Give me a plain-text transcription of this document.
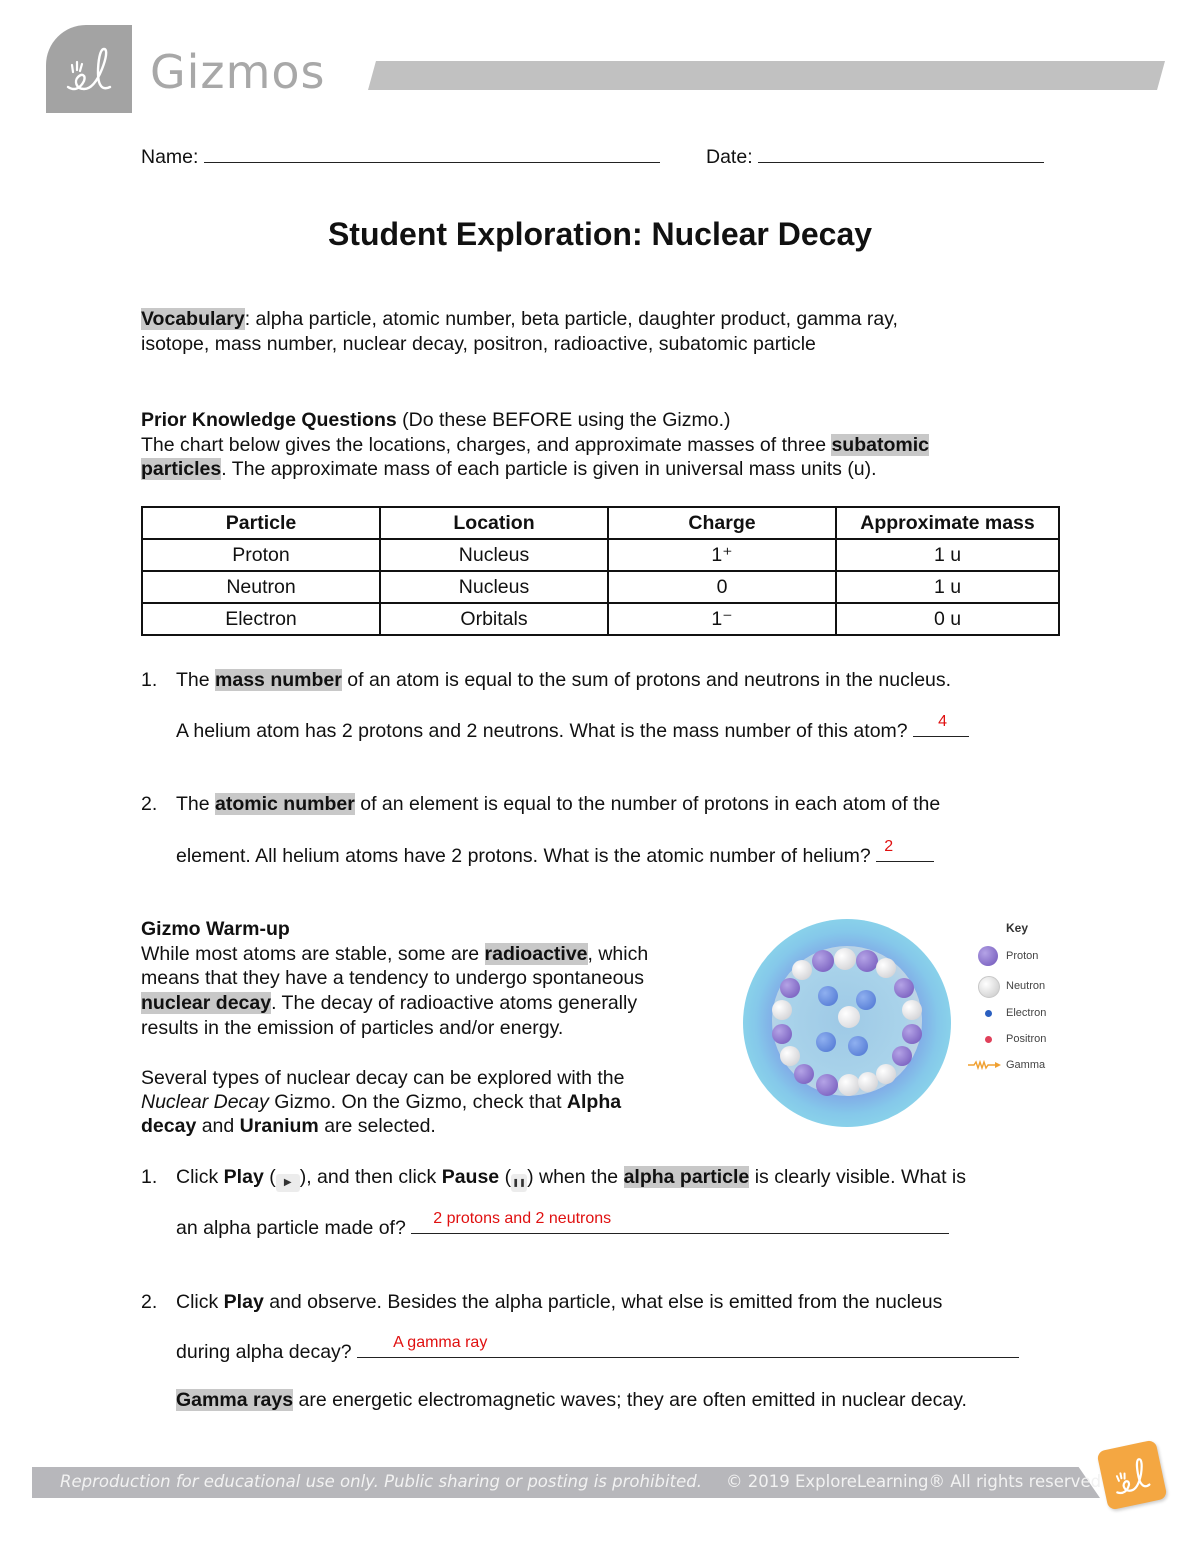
Gizmos
Name:	Date:
Student Exploration: Nuclear Decay
Vocabulary: alpha particle, atomic number, beta particle, daughter product, gamma ray,
isotope, mass number, nuclear decay, positron, radioactive, subatomic particle
Prior Knowledge Questions (Do these BEFORE using the Gizmo.)
The chart below gives the locations, charges, and approximate masses of three subatomic
particles. The approximate mass of each particle is given in universal mass units (u).
Particle	Location	Charge	Approximate mass
Proton	Nucleus	1⁺	1 u
Neutron	Nucleus	0	1 u
Electron	Orbitals	1⁻	0 u
1. The mass number of an atom is equal to the sum of protons and neutrons in the nucleus.
A helium atom has 2 protons and 2 neutrons. What is the mass number of this atom? 4
2. The atomic number of an element is equal to the number of protons in each atom of the
element. All helium atoms have 2 protons. What is the atomic number of helium? 2
Gizmo Warm-up
While most atoms are stable, some are radioactive, which
means that they have a tendency to undergo spontaneous
nuclear decay. The decay of radioactive atoms generally
results in the emission of particles and/or energy.
Several types of nuclear decay can be explored with the
Nuclear Decay Gizmo. On the Gizmo, check that Alpha
decay and Uranium are selected.
Key
Proton
Neutron
Electron
Positron
Gamma
1. Click Play ( ▶ ), and then click Pause (❚❚) when the alpha particle is clearly visible. What is
an alpha particle made of? 2 protons and 2 neutrons
2. Click Play and observe. Besides the alpha particle, what else is emitted from the nucleus
during alpha decay?	A gamma ray
Gamma rays are energetic electromagnetic waves; they are often emitted in nuclear decay.
Reproduction for educational use only. Public sharing or posting is prohibited. © 2019 ExploreLearning® All rights reserved
